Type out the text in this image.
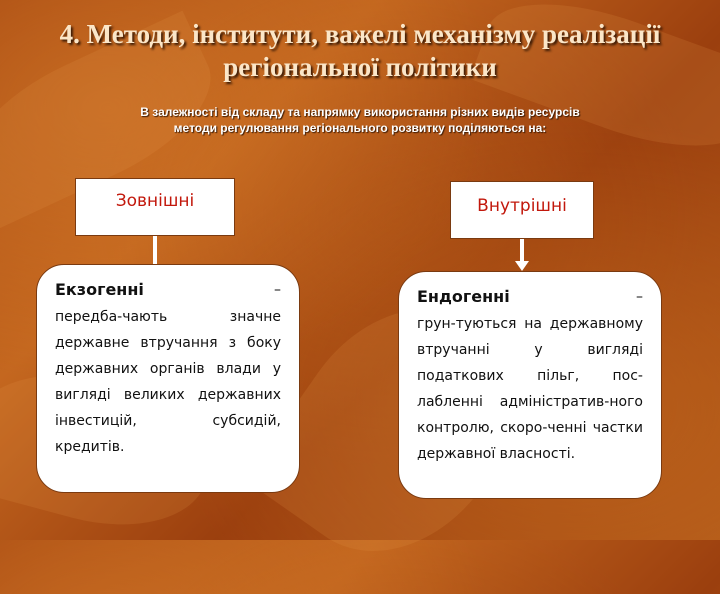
4. Методи, інститути, важелі механізму реалізації
регіональної політики
В залежності від складу та напрямку використання різних видів ресурсів
методи регулювання регіонального розвитку поділяються на:
Зовнішні
Екзогенні	–
передба-чають значне державне втручання з боку державних органів влади у вигляді великих державних інвестицій, субсидій, кредитів.
Внутрішні
Ендогенні	–
грун-туються на державному втручанні у вигляді податкових пільг, пос-лабленні адміністратив-ного контролю, скоро-ченні частки державної власності.
